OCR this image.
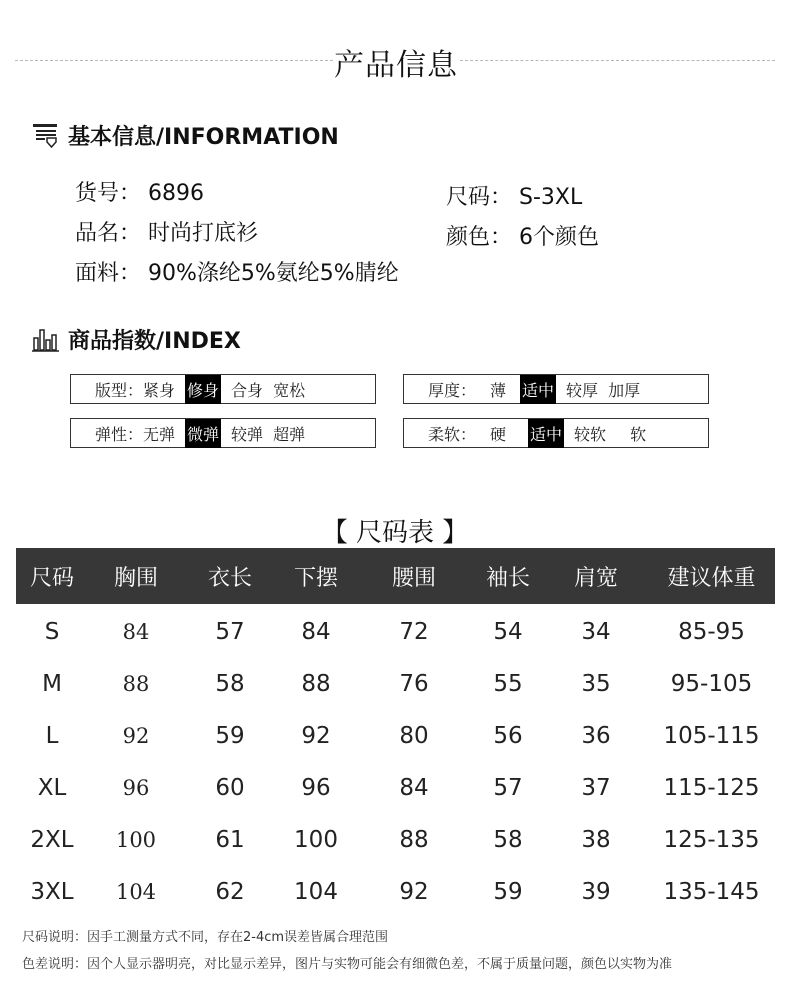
产品信息
基本信息/INFORMATION
货号： 6896	尺码： S-3XL
品名： 时尚打底衫	颜色： 6个颜色
面料： 90%涤纶5%氨纶5%腈纶
商品指数/INDEX
版型： 紧身 修身 合身 宽松	厚度： 薄 适中 较厚 加厚
弹性： 无弹 微弹 较弹 超弹	柔软： 硬 适中 较软 软
【 尺码表 】
尺码	胸围	衣长	下摆	腰围	袖长	肩宽	建议体重
S	84	57	84	72	54	34	85-95
M	88	58	88	76	55	35	95-105
L	92	59	92	80	56	36	105-115
XL	96	60	96	84	57	37	115-125
2XL	100	61	100	88	58	38	125-135
3XL	104	62	104	92	59	39	135-145
尺码说明：因手工测量方式不同，存在2-4cm误差皆属合理范围
色差说明：因个人显示器明亮，对比显示差异，图片与实物可能会有细微色差，不属于质量问题，颜色以实物为准
